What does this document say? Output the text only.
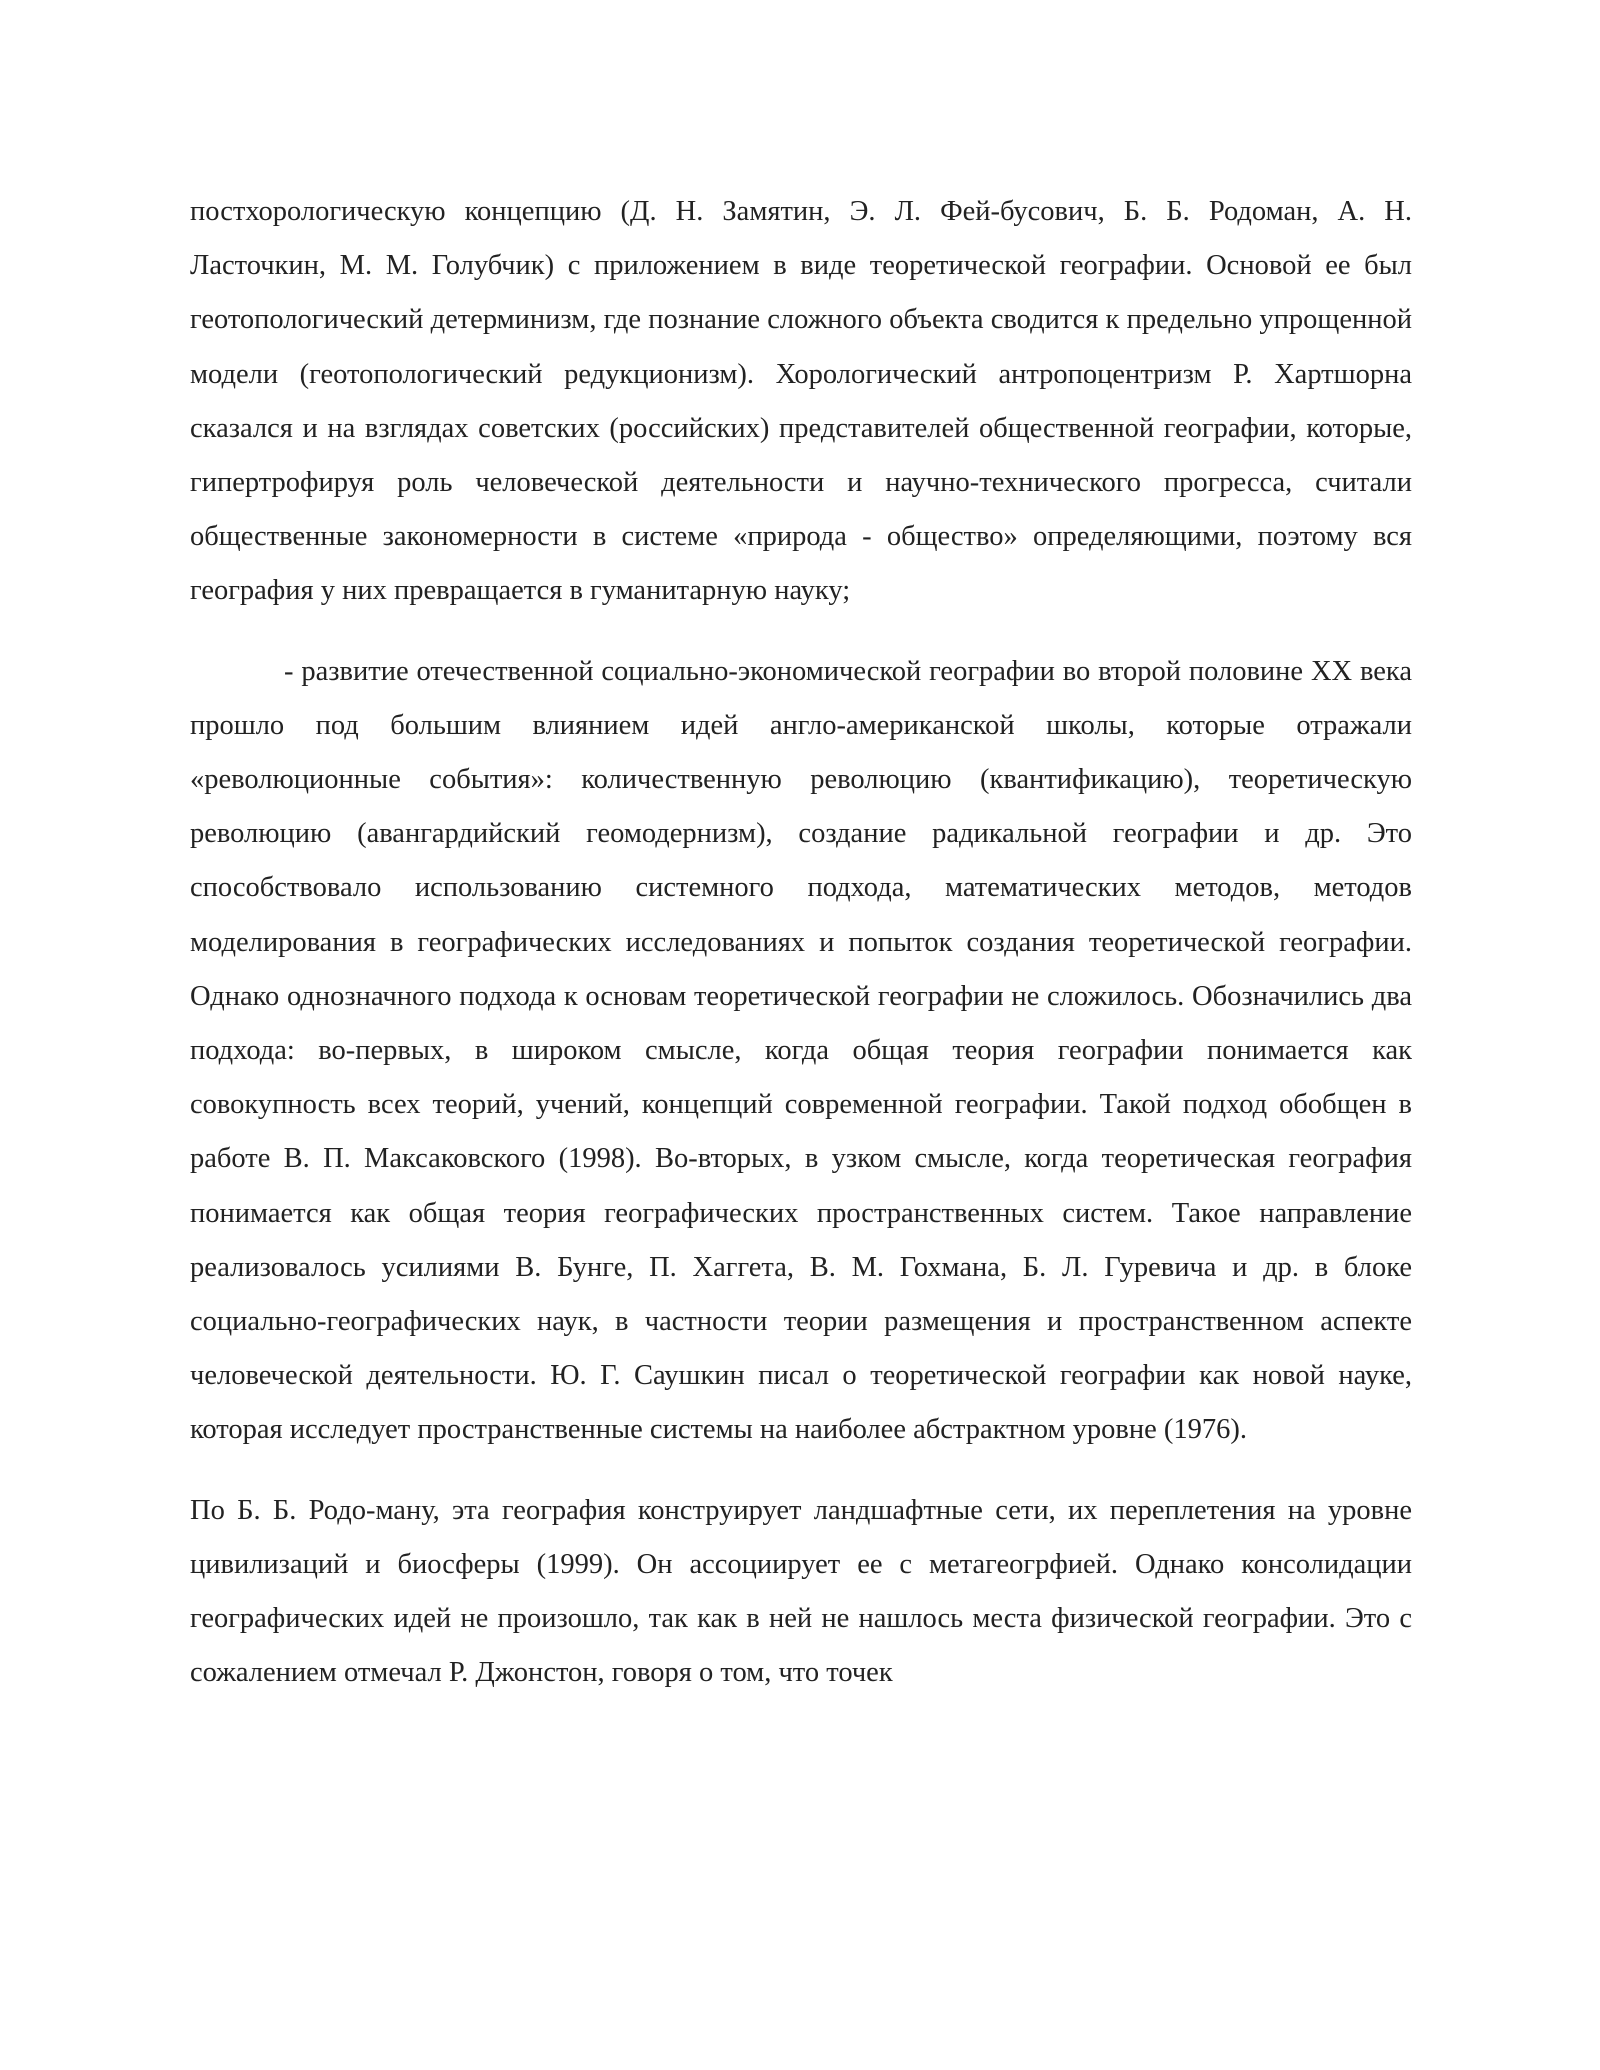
постхорологическую концепцию (Д. Н. Замятин, Э. Л. Фей-бусович, Б. Б. Родоман, А. Н. Ласточкин, М. М. Голубчик) с приложением в виде теоретической географии. Основой ее был геотопологический детерминизм, где познание сложного объекта сводится к предельно упрощенной модели (геотопологический редукционизм). Хорологический антропоцентризм Р. Хартшорна сказался и на взглядах советских (российских) представителей общественной географии, которые, гипертрофируя роль человеческой деятельности и научно-технического прогресса, считали общественные закономерности в системе «природа - общество» определяющими, поэтому вся география у них превращается в гуманитарную науку;

- развитие отечественной социально-экономической географии во второй половине XX века прошло под большим влиянием идей англо-американской школы, которые отражали «революционные события»: количественную революцию (квантификацию), теоретическую революцию (авангардийский геомодернизм), создание радикальной географии и др. Это способствовало использованию системного подхода, математических методов, методов моделирования в географических исследованиях и попыток создания теоретической географии. Однако однозначного подхода к основам теоретической географии не сложилось. Обозначились два подхода: во-первых, в широком смысле, когда общая теория географии понимается как совокупность всех теорий, учений, концепций современной географии. Такой подход обобщен в работе В. П. Максаковского (1998). Во-вторых, в узком смысле, когда теоретическая география понимается как общая теория географических пространственных систем. Такое направление реализовалось усилиями В. Бунге, П. Хаггета, В. М. Гохмана, Б. Л. Гуревича и др. в блоке социально-географических наук, в частности теории размещения и пространственном аспекте человеческой деятельности. Ю. Г. Саушкин писал о теоретической географии как новой науке, которая исследует пространственные системы на наиболее абстрактном уровне (1976).

По Б. Б. Родо-ману, эта география конструирует ландшафтные сети, их переплетения на уровне цивилизаций и биосферы (1999). Он ассоциирует ее с метагеогрфией. Однако консолидации географических идей не произошло, так как в ней не нашлось места физической географии. Это с сожалением отмечал Р. Джонстон, говоря о том, что точек
